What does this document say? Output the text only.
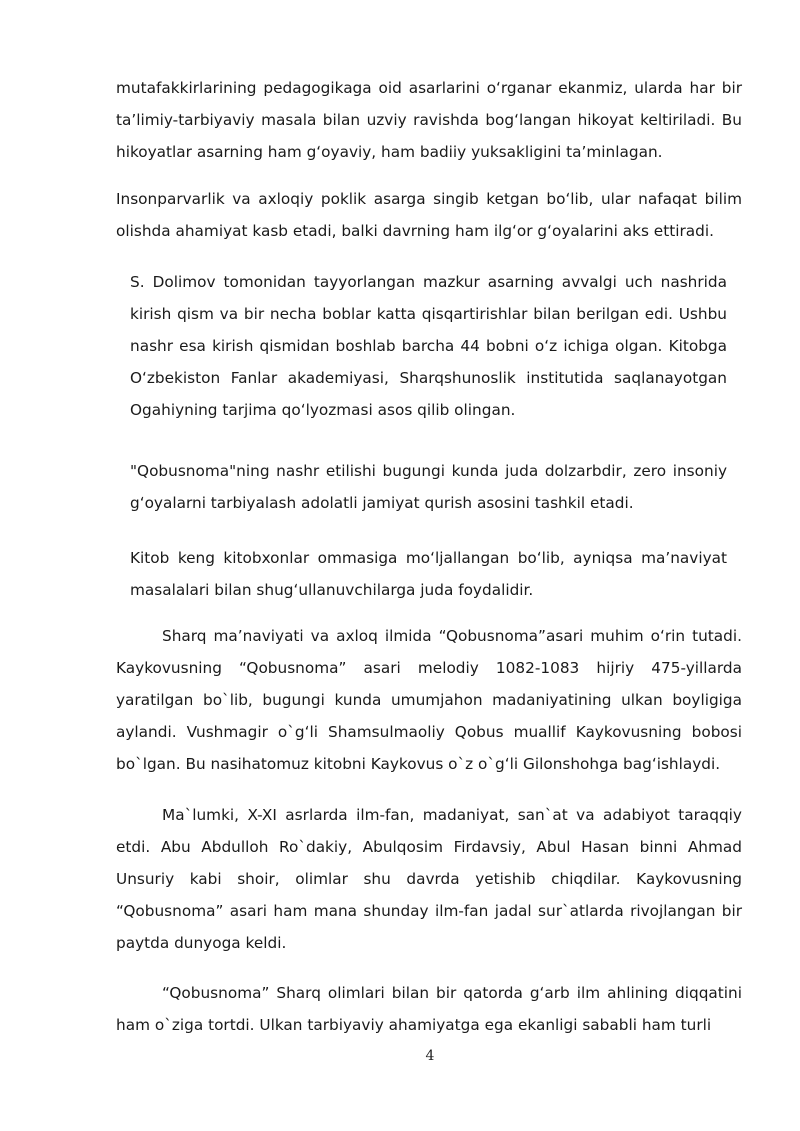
mutafakkirlarining pedagogikaga oid asarlarini oʻrganar ekanmiz, ularda har bir taʼlimiy-tarbiyaviy masala bilan uzviy ravishda bogʻlangan hikoyat keltiriladi. Bu hikoyatlar asarning ham gʻoyaviy, ham badiiy yuksakligini taʼminlagan.

Insonparvarlik va axloqiy poklik asarga singib ketgan boʻlib, ular nafaqat bilim olishda ahamiyat kasb etadi, balki davrning ham ilgʻor gʻoyalarini aks ettiradi.

S. Dolimov tomonidan tayyorlangan mazkur asarning avvalgi uch nashrida kirish qism va bir necha boblar katta qisqartirishlar bilan berilgan edi. Ushbu nashr esa kirish qismidan boshlab barcha 44 bobni oʻz ichiga olgan. Kitobga Oʻzbekiston Fanlar akademiyasi, Sharqshunoslik institutida saqlanayotgan Ogahiyning tarjima qoʻlyozmasi asos qilib olingan.

"Qobusnoma"ning nashr etilishi bugungi kunda juda dolzarbdir, zero insoniy gʻoyalarni tarbiyalash adolatli jamiyat qurish asosini tashkil etadi.

Kitob keng kitobxonlar ommasiga moʻljallangan boʻlib, ayniqsa maʼnaviyat masalalari bilan shugʻullanuvchilarga juda foydalidir.

Sharq maʼnaviyati va axloq ilmida “Qobusnoma”asari muhim oʻrin tutadi. Kaykovusning “Qobusnoma” asari melodiy 1082-1083 hijriy 475-yillarda yaratilgan bo`lib, bugungi kunda umumjahon madaniyatining ulkan boyligiga aylandi. Vushmagir o`gʻli Shamsulmaoliy Qobus muallif Kaykovusning bobosi bo`lgan. Bu nasihatomuz kitobni Kaykovus o`z o`gʻli Gilonshohga bagʻishlaydi.

Ma`lumki, X-XI asrlarda ilm-fan, madaniyat, san`at va adabiyot taraqqiy etdi. Abu Abdulloh Ro`dakiy, Abulqosim Firdavsiy, Abul Hasan binni Ahmad Unsuriy kabi shoir, olimlar shu davrda yetishib chiqdilar. Kaykovusning “Qobusnoma” asari ham mana shunday ilm-fan jadal sur`atlarda rivojlangan bir paytda dunyoga keldi.

“Qobusnoma” Sharq olimlari bilan bir qatorda gʻarb ilm ahlining diqqatini ham o`ziga tortdi. Ulkan tarbiyaviy ahamiyatga ega ekanligi sababli ham turli

4
